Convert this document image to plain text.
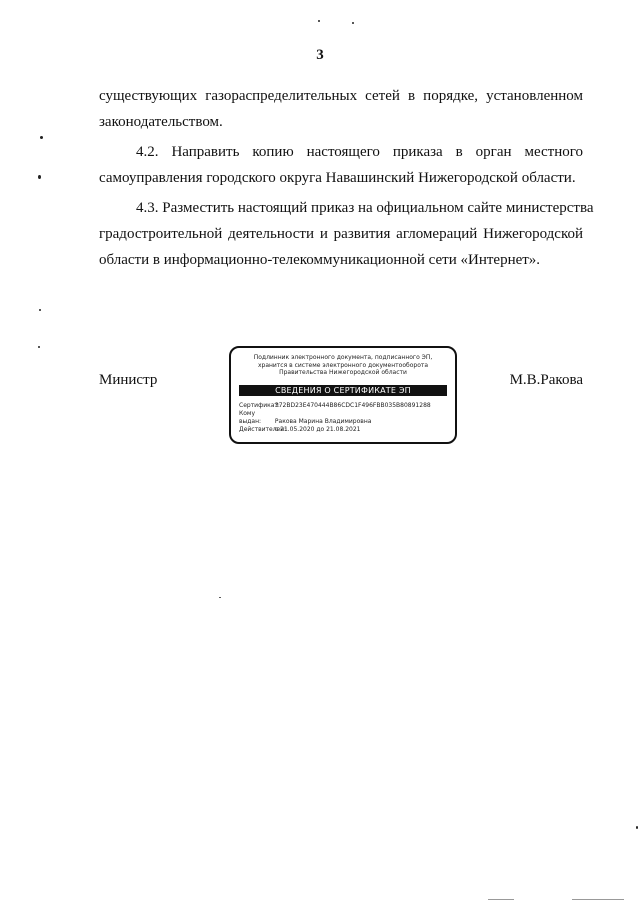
3
существующих газораспределительных сетей в порядке, установленном
законодательством.
4.2. Направить копию настоящего приказа в орган местного
самоуправления городского округа Навашинский Нижегородской области.
4.3. Разместить настоящий приказ на официальном сайте министерства
градостроительной деятельности и развития агломераций Нижегородской
области в информационно-телекоммуникационной сети «Интернет».
Министр	М.В.Ракова
Подлинник электронного документа, подписанного ЭП,
хранится в системе электронного документооборота
Правительства Нижегородской области
СВЕДЕНИЯ О СЕРТИФИКАТЕ ЭП
Сертификат: 372BD23E470444B86CDC1F496FBB035B80891288
Кому выдан: Ракова Марина Владимировна
Действителен: с 21.05.2020 до 21.08.2021
